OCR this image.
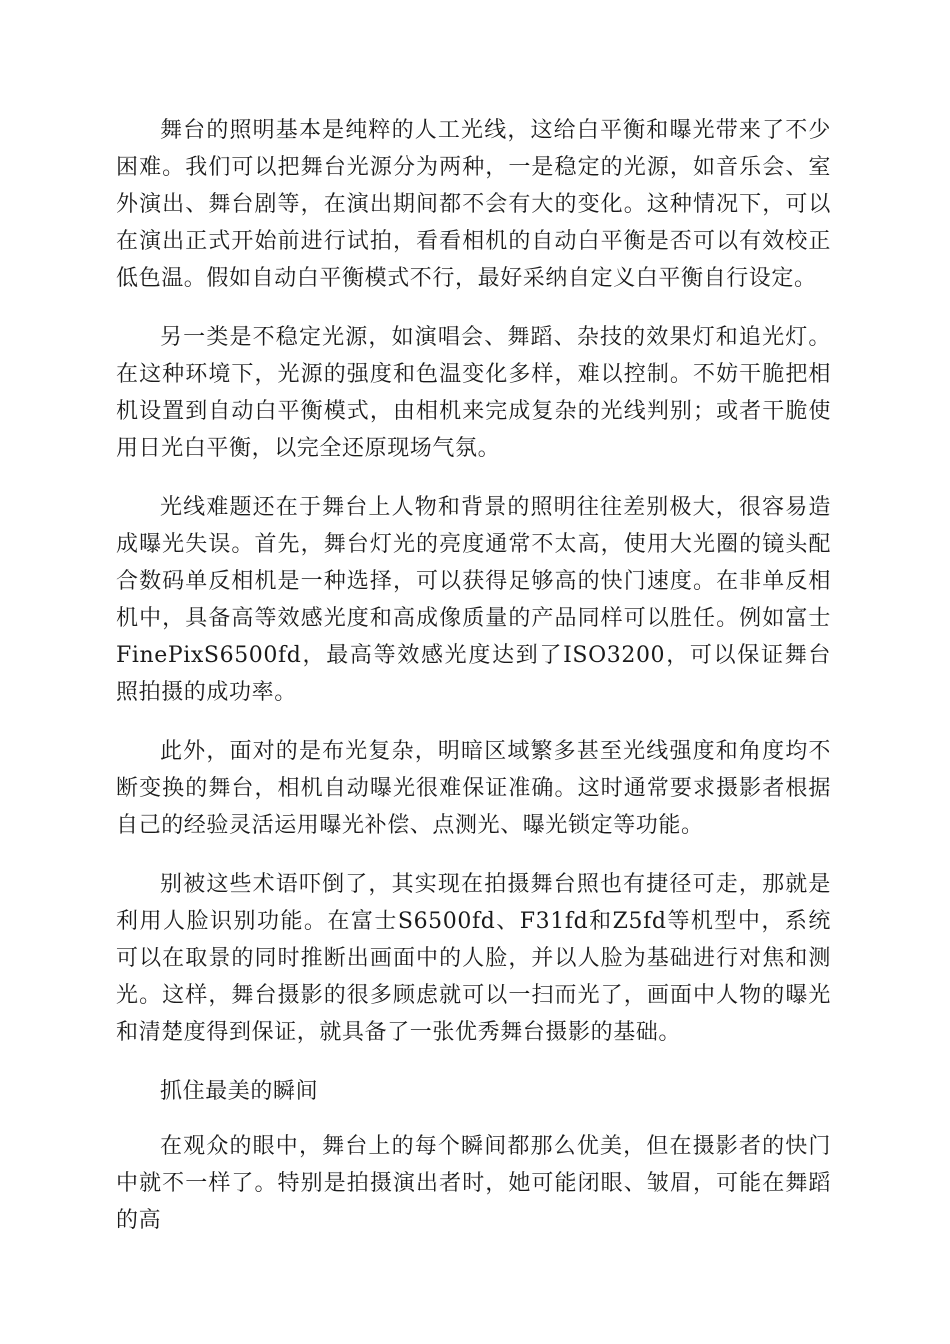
舞台的照明基本是纯粹的人工光线，这给白平衡和曝光带来了不少困难。我们可以把舞台光源分为两种，一是稳定的光源，如音乐会、室外演出、舞台剧等，在演出期间都不会有大的变化。这种情况下，可以在演出正式开始前进行试拍，看看相机的自动白平衡是否可以有效校正低色温。假如自动白平衡模式不行，最好采纳自定义白平衡自行设定。

另一类是不稳定光源，如演唱会、舞蹈、杂技的效果灯和追光灯。在这种环境下，光源的强度和色温变化多样，难以控制。不妨干脆把相机设置到自动白平衡模式，由相机来完成复杂的光线判别；或者干脆使用日光白平衡，以完全还原现场气氛。

光线难题还在于舞台上人物和背景的照明往往差别极大，很容易造成曝光失误。首先，舞台灯光的亮度通常不太高，使用大光圈的镜头配合数码单反相机是一种选择，可以获得足够高的快门速度。在非单反相机中，具备高等效感光度和高成像质量的产品同样可以胜任。例如富士FinePixS6500fd，最高等效感光度达到了ISO3200，可以保证舞台照拍摄的成功率。

此外，面对的是布光复杂，明暗区域繁多甚至光线强度和角度均不断变换的舞台，相机自动曝光很难保证准确。这时通常要求摄影者根据自己的经验灵活运用曝光补偿、点测光、曝光锁定等功能。

别被这些术语吓倒了，其实现在拍摄舞台照也有捷径可走，那就是利用人脸识别功能。在富士S6500fd、F31fd和Z5fd等机型中，系统可以在取景的同时推断出画面中的人脸，并以人脸为基础进行对焦和测光。这样，舞台摄影的很多顾虑就可以一扫而光了，画面中人物的曝光和清楚度得到保证，就具备了一张优秀舞台摄影的基础。

抓住最美的瞬间

在观众的眼中，舞台上的每个瞬间都那么优美，但在摄影者的快门中就不一样了。特别是拍摄演出者时，她可能闭眼、皱眉，可能在舞蹈的高
